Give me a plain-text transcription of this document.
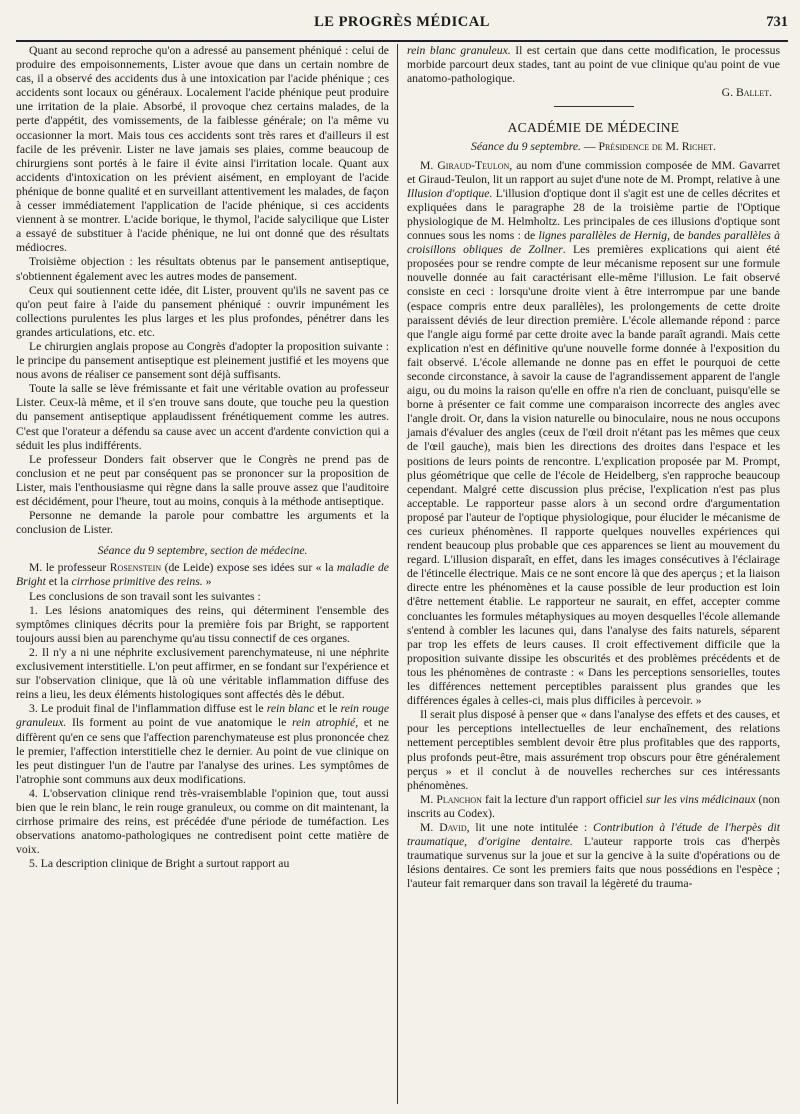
LE PROGRÈS MÉDICAL	731

Quant au second reproche qu'on a adressé au pansement phéniqué : celui de produire des empoisonnements, Lister avoue que dans un certain nombre de cas, il a observé des accidents dus à une intoxication par l'acide phénique ; ces accidents sont locaux ou généraux. Localement l'acide phénique peut produire une irritation de la plaie. Absorbé, il provoque chez certains malades, de la perte d'appétit, des vomissements, de la faiblesse générale; on l'a même vu occasionner la mort. Mais tous ces accidents sont très rares et d'ailleurs il est facile de les prévenir. Lister ne lave jamais ses plaies, comme beaucoup de chirurgiens sont portés à le faire il évite ainsi l'irritation locale. Quant aux accidents d'intoxication on les prévient aisément, en employant de l'acide phénique de bonne qualité et en surveillant attentivement les malades, de façon à cesser immédiatement l'application de l'acide phénique, si ces accidents viennent à se montrer. L'acide borique, le thymol, l'acide salycilique que Lister a essayé de substituer à l'acide phénique, ne lui ont donné que des résultats médiocres.

Troisième objection : les résultats obtenus par le pansement antiseptique, s'obtiennent également avec les autres modes de pansement.

Ceux qui soutiennent cette idée, dit Lister, prouvent qu'ils ne savent pas ce qu'on peut faire à l'aide du pansement phéniqué : ouvrir impunément les collections purulentes les plus larges et les plus profondes, pénétrer dans les grandes articulations, etc. etc.

Le chirurgien anglais propose au Congrès d'adopter la proposition suivante : le principe du pansement antiseptique est pleinement justifié et les moyens que nous avons de réaliser ce pansement sont déjà suffisants.

Toute la salle se lève frémissante et fait une véritable ovation au professeur Lister. Ceux-là même, et il s'en trouve sans doute, que touche peu la question du pansement antiseptique applaudissent frénétiquement comme les autres. C'est que l'orateur a défendu sa cause avec un accent d'ardente conviction qui a séduit les plus indifférents.

Le professeur Donders fait observer que le Congrès ne prend pas de conclusion et ne peut par conséquent pas se prononcer sur la proposition de Lister, mais l'enthousiasme qui règne dans la salle prouve assez que l'auditoire est décidément, pour l'heure, tout au moins, conquis à la méthode antiseptique.

Personne ne demande la parole pour combattre les arguments et la conclusion de Lister.

Séance du 9 septembre, section de médecine.

M. le professeur Rosenstein (de Leide) expose ses idées sur « la maladie de Bright et la cirrhose primitive des reins. »

Les conclusions de son travail sont les suivantes :

1. Les lésions anatomiques des reins, qui déterminent l'ensemble des symptômes cliniques décrits pour la première fois par Bright, se rapportent toujours aussi bien au parenchyme qu'au tissu connectif de ces organes.

2. Il n'y a ni une néphrite exclusivement parenchymateuse, ni une néphrite exclusivement interstitielle. L'on peut affirmer, en se fondant sur l'expérience et sur l'observation clinique, que là où une véritable inflammation diffuse des reins a lieu, les deux éléments histologiques sont affectés dès le début.

3. Le produit final de l'inflammation diffuse est le rein blanc et le rein rouge granuleux. Ils forment au point de vue anatomique le rein atrophié, et ne diffèrent qu'en ce sens que l'affection parenchymateuse est plus prononcée chez le premier, l'affection interstitielle chez le dernier. Au point de vue clinique on les peut distinguer l'un de l'autre par l'analyse des urines. Les symptômes de l'atrophie sont communs aux deux modifications.

4. L'observation clinique rend très-vraisemblable l'opinion que, tout aussi bien que le rein blanc, le rein rouge granuleux, ou comme on dit maintenant, la cirrhose primaire des reins, est précédée d'une période de tuméfaction. Les observations anatomo-pathologiques ne contredisent point cette matière de voix.

5. La description clinique de Bright a surtout rapport au

rein blanc granuleux. Il est certain que dans cette modification, le processus morbide parcourt deux stades, tant au point de vue clinique qu'au point de vue anatomo-pathologique.

G. Ballet.

ACADÉMIE DE MÉDECINE
Séance du 9 septembre. — Présidence de M. Richet.

M. Giraud-Teulon, au nom d'une commission composée de MM. Gavarret et Giraud-Teulon, lit un rapport au sujet d'une note de M. Prompt, relative à une Illusion d'optique. L'illusion d'optique dont il s'agit est une de celles décrites et expliquées dans le paragraphe 28 de la troisième partie de l'Optique physiologique de M. Helmholtz. Les principales de ces illusions d'optique sont connues sous les noms : de lignes parallèles de Hernig, de bandes parallèles à croisillons obliques de Zollner. Les premières explications qui aient été proposées pour se rendre compte de leur mécanisme reposent sur une formule nouvelle donnée au fait caractérisant elle-même l'illusion. Le fait observé consiste en ceci : lorsqu'une droite vient à être interrompue par une bande (espace compris entre deux parallèles), les prolongements de cette droite paraissent déviés de leur direction première. L'école allemande répond : parce que l'angle aigu formé par cette droite avec la bande paraît agrandi. Mais cette explication n'est en définitive qu'une nouvelle forme donnée à l'exposition du fait observé. L'école allemande ne donne pas en effet le pourquoi de cette seconde circonstance, à savoir la cause de l'agrandissement apparent de l'angle aigu, ou du moins la raison qu'elle en offre n'a rien de concluant, puisqu'elle se borne à présenter ce fait comme une comparaison incorrecte des angles avec l'angle droit. Or, dans la vision naturelle ou binoculaire, nous ne nous occupons jamais d'évaluer des angles (ceux de l'œil droit n'étant pas les mêmes que ceux de l'œil gauche), mais bien les directions des droites dans l'espace et les positions de leurs points de rencontre. L'explication proposée par M. Prompt, plus géométrique que celle de l'école de Heidelberg, s'en rapproche beaucoup cependant. Malgré cette discussion plus précise, l'explication n'est pas plus acceptable. Le rapporteur passe alors à un second ordre d'argumentation proposé par l'auteur de l'optique physiologique, pour élucider le mécanisme de ces curieux phénomènes. Il rapporte quelques nouvelles expériences qui rendent beaucoup plus probable que ces apparences se lient au mouvement du regard. L'illusion disparaît, en effet, dans les images consécutives à l'éclairage de l'étincelle électrique. Mais ce ne sont encore là que des aperçus ; et la liaison directe entre les phénomènes et la cause possible de leur production est loin d'être nettement établie. Le rapporteur ne saurait, en effet, accepter comme concluantes les formules métaphysiques au moyen desquelles l'école allemande s'entend à combler les lacunes qui, dans l'analyse des faits naturels, séparent par trop les effets de leurs causes. Il croit effectivement difficile que la proposition suivante dissipe les obscurités et des problèmes précédents et de tous les phénomènes de contraste : « Dans les perceptions sensorielles, toutes les différences nettement perceptibles paraissent plus grandes que les différences égales à celles-ci, mais plus difficiles à percevoir. »

Il serait plus disposé à penser que « dans l'analyse des effets et des causes, et pour les perceptions intellectuelles de leur enchaînement, des relations nettement perceptibles semblent devoir être plus profitables que des rapports, plus profonds peut-être, mais assurément trop obscurs pour être généralement perçus » et il conclut à de nouvelles recherches sur ces intéressants phénomènes.

M. Planchon fait la lecture d'un rapport officiel sur les vins médicinaux (non inscrits au Codex).

M. David, lit une note intitulée : Contribution à l'étude de l'herpès dit traumatique, d'origine dentaire. L'auteur rapporte trois cas d'herpès traumatique survenus sur la joue et sur la gencive à la suite d'opérations ou de lésions dentaires. Ce sont les premiers faits que nous possédions en l'espèce ; l'auteur fait remarquer dans son travail la légèreté du trauma-
